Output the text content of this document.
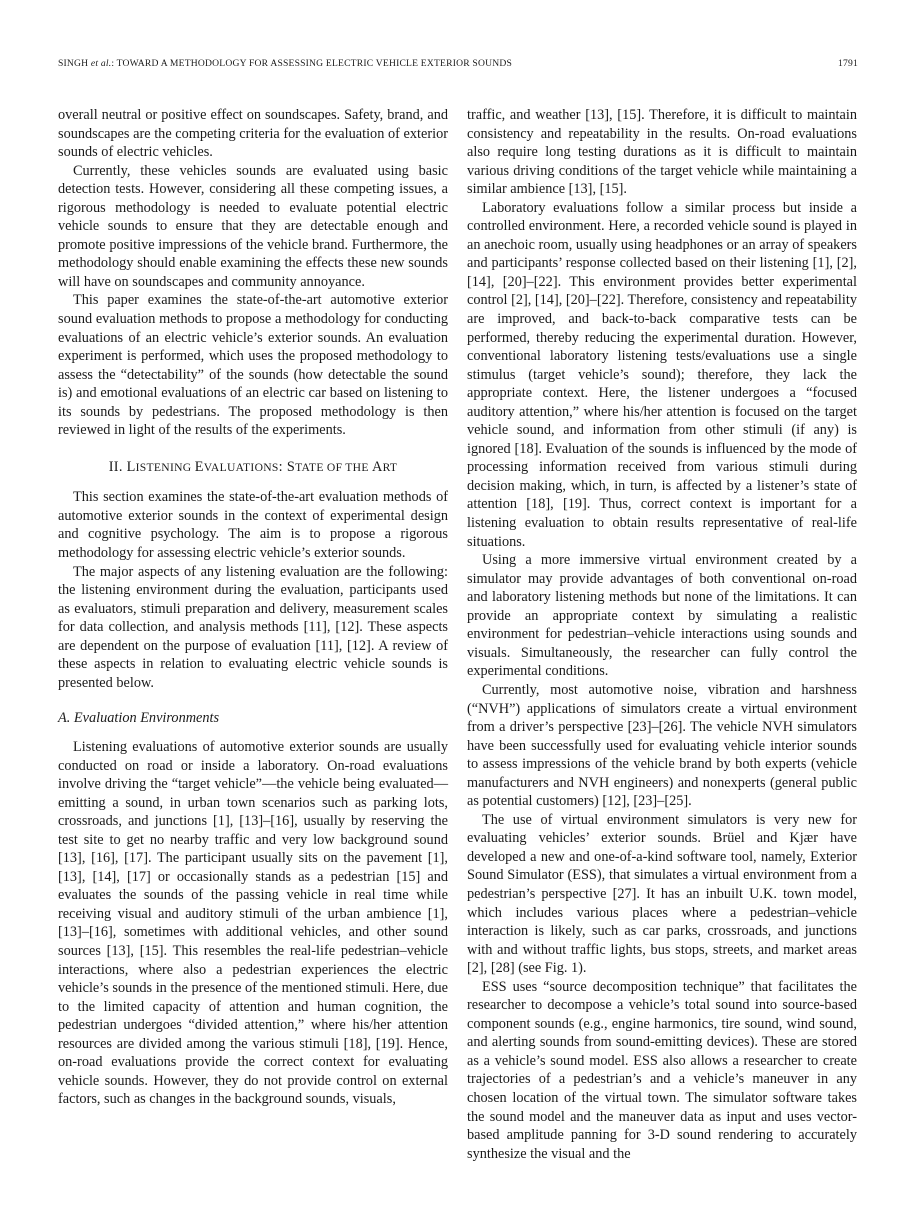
SINGH et al.: TOWARD A METHODOLOGY FOR ASSESSING ELECTRIC VEHICLE EXTERIOR SOUNDS	1791

overall neutral or positive effect on soundscapes. Safety, brand, and soundscapes are the competing criteria for the evaluation of exterior sounds of electric vehicles.

Currently, these vehicles sounds are evaluated using basic detection tests. However, considering all these competing issues, a rigorous methodology is needed to evaluate potential electric vehicle sounds to ensure that they are detectable enough and promote positive impressions of the vehicle brand. Furthermore, the methodology should enable examining the effects these new sounds will have on soundscapes and community annoyance.

This paper examines the state-of-the-art automotive exterior sound evaluation methods to propose a methodology for conducting evaluations of an electric vehicle’s exterior sounds. An evaluation experiment is performed, which uses the proposed methodology to assess the “detectability” of the sounds (how detectable the sound is) and emotional evaluations of an electric car based on listening to its sounds by pedestrians. The proposed methodology is then reviewed in light of the results of the experiments.

II. LISTENING EVALUATIONS: STATE OF THE ART

This section examines the state-of-the-art evaluation methods of automotive exterior sounds in the context of experimental design and cognitive psychology. The aim is to propose a rigorous methodology for assessing electric vehicle’s exterior sounds.

The major aspects of any listening evaluation are the following: the listening environment during the evaluation, participants used as evaluators, stimuli preparation and delivery, measurement scales for data collection, and analysis methods [11], [12]. These aspects are dependent on the purpose of evaluation [11], [12]. A review of these aspects in relation to evaluating electric vehicle sounds is presented below.

A. Evaluation Environments

Listening evaluations of automotive exterior sounds are usually conducted on road or inside a laboratory. On-road evaluations involve driving the “target vehicle”—the vehicle being evaluated—emitting a sound, in urban town scenarios such as parking lots, crossroads, and junctions [1], [13]–[16], usually by reserving the test site to get no nearby traffic and very low background sound [13], [16], [17]. The participant usually sits on the pavement [1], [13], [14], [17] or occasionally stands as a pedestrian [15] and evaluates the sounds of the passing vehicle in real time while receiving visual and auditory stimuli of the urban ambience [1], [13]–[16], sometimes with additional vehicles, and other sound sources [13], [15]. This resembles the real-life pedestrian–vehicle interactions, where also a pedestrian experiences the electric vehicle’s sounds in the presence of the mentioned stimuli. Here, due to the limited capacity of attention and human cognition, the pedestrian undergoes “divided attention,” where his/her attention resources are divided among the various stimuli [18], [19]. Hence, on-road evaluations provide the correct context for evaluating vehicle sounds. However, they do not provide control on external factors, such as changes in the background sounds, visuals,

traffic, and weather [13], [15]. Therefore, it is difficult to maintain consistency and repeatability in the results. On-road evaluations also require long testing durations as it is difficult to maintain various driving conditions of the target vehicle while maintaining a similar ambience [13], [15].

Laboratory evaluations follow a similar process but inside a controlled environment. Here, a recorded vehicle sound is played in an anechoic room, usually using headphones or an array of speakers and participants’ response collected based on their listening [1], [2], [14], [20]–[22]. This environment provides better experimental control [2], [14], [20]–[22]. Therefore, consistency and repeatability are improved, and back-to-back comparative tests can be performed, thereby reducing the experimental duration. However, conventional laboratory listening tests/evaluations use a single stimulus (target vehicle’s sound); therefore, they lack the appropriate context. Here, the listener undergoes a “focused auditory attention,” where his/her attention is focused on the target vehicle sound, and information from other stimuli (if any) is ignored [18]. Evaluation of the sounds is influenced by the mode of processing information received from various stimuli during decision making, which, in turn, is affected by a listener’s state of attention [18], [19]. Thus, correct context is important for a listening evaluation to obtain results representative of real-life situations.

Using a more immersive virtual environment created by a simulator may provide advantages of both conventional on-road and laboratory listening methods but none of the limitations. It can provide an appropriate context by simulating a realistic environment for pedestrian–vehicle interactions using sounds and visuals. Simultaneously, the researcher can fully control the experimental conditions.

Currently, most automotive noise, vibration and harshness (“NVH”) applications of simulators create a virtual environment from a driver’s perspective [23]–[26]. The vehicle NVH simulators have been successfully used for evaluating vehicle interior sounds to assess impressions of the vehicle brand by both experts (vehicle manufacturers and NVH engineers) and nonexperts (general public as potential customers) [12], [23]–[25].

The use of virtual environment simulators is very new for evaluating vehicles’ exterior sounds. Brüel and Kjær have developed a new and one-of-a-kind software tool, namely, Exterior Sound Simulator (ESS), that simulates a virtual environment from a pedestrian’s perspective [27]. It has an inbuilt U.K. town model, which includes various places where a pedestrian–vehicle interaction is likely, such as car parks, crossroads, and junctions with and without traffic lights, bus stops, streets, and market areas [2], [28] (see Fig. 1).

ESS uses “source decomposition technique” that facilitates the researcher to decompose a vehicle’s total sound into source-based component sounds (e.g., engine harmonics, tire sound, wind sound, and alerting sounds from sound-emitting devices). These are stored as a vehicle’s sound model. ESS also allows a researcher to create trajectories of a pedestrian’s and a vehicle’s maneuver in any chosen location of the virtual town. The simulator software takes the sound model and the maneuver data as input and uses vector-based amplitude panning for 3-D sound rendering to accurately synthesize the visual and the
